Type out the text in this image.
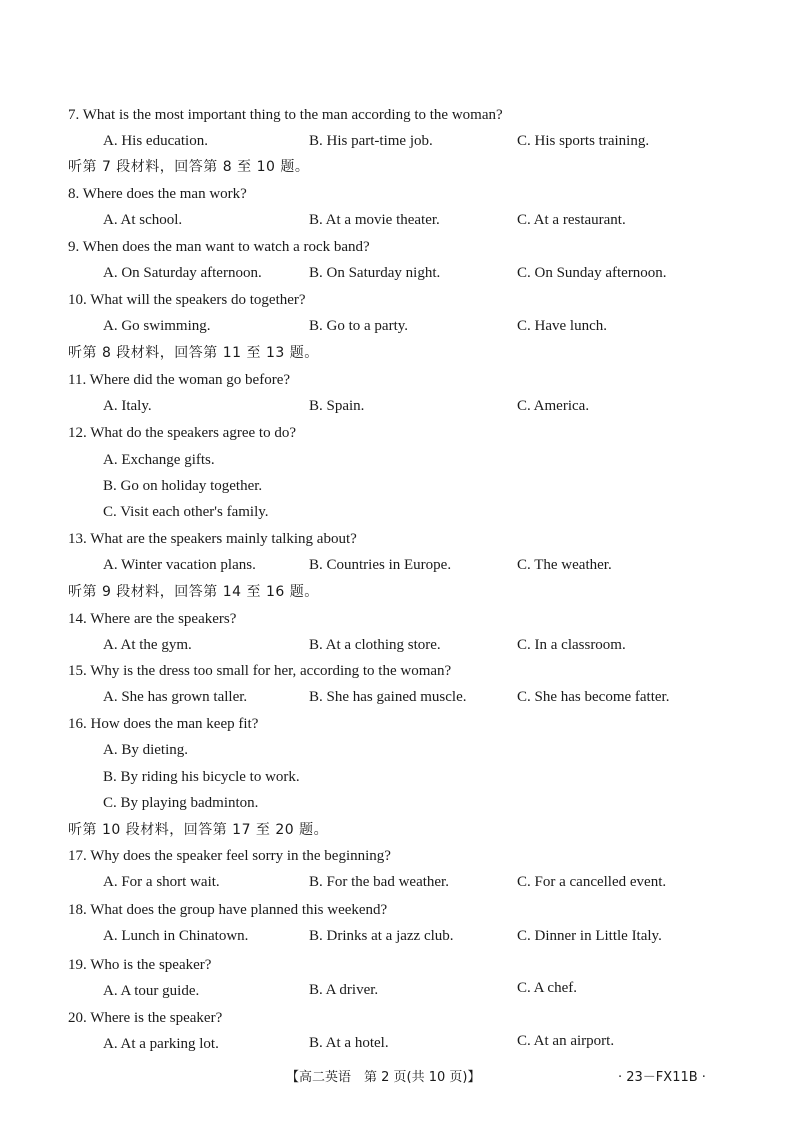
7. What is the most important thing to the man according to the woman?
A. His education.	B. His part-time job.	C. His sports training.
听第 7 段材料，回答第 8 至 10 题。
8. Where does the man work?
A. At school.	B. At a movie theater.	C. At a restaurant.
9. When does the man want to watch a rock band?
A. On Saturday afternoon.	B. On Saturday night.	C. On Sunday afternoon.
10. What will the speakers do together?
A. Go swimming.	B. Go to a party.	C. Have lunch.
听第 8 段材料，回答第 11 至 13 题。
11. Where did the woman go before?
A. Italy.	B. Spain.	C. America.
12. What do the speakers agree to do?
A. Exchange gifts.
B. Go on holiday together.
C. Visit each other's family.
13. What are the speakers mainly talking about?
A. Winter vacation plans.	B. Countries in Europe.	C. The weather.
听第 9 段材料，回答第 14 至 16 题。
14. Where are the speakers?
A. At the gym.	B. At a clothing store.	C. In a classroom.
15. Why is the dress too small for her, according to the woman?
A. She has grown taller.	B. She has gained muscle.	C. She has become fatter.
16. How does the man keep fit?
A. By dieting.
B. By riding his bicycle to work.
C. By playing badminton.
听第 10 段材料，回答第 17 至 20 题。
17. Why does the speaker feel sorry in the beginning?
A. For a short wait.	B. For the bad weather.	C. For a cancelled event.
18. What does the group have planned this weekend?
A. Lunch in Chinatown.	B. Drinks at a jazz club.	C. Dinner in Little Italy.
19. Who is the speaker?
A. A tour guide.	B. A driver.	C. A chef.
20. Where is the speaker?
A. At a parking lot.	B. At a hotel.	C. At an airport.
【高二英语　第 2 页(共 10 页)】	· 23－FX11B ·
